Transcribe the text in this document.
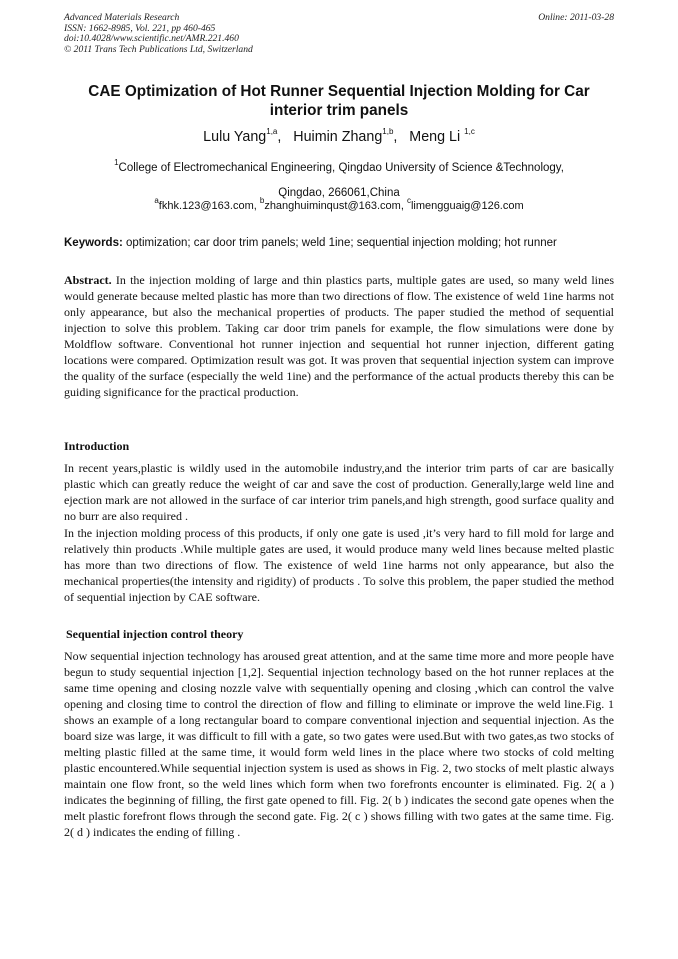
Advanced Materials Research
ISSN: 1662-8985, Vol. 221, pp 460-465
doi:10.4028/www.scientific.net/AMR.221.460
© 2011 Trans Tech Publications Ltd, Switzerland
Online: 2011-03-28
CAE Optimization of Hot Runner Sequential Injection Molding for Car interior trim panels
Lulu Yang$^{1,a}$,   Huimin Zhang$^{1,b}$,   Meng Li $^{1,c}$
$^1$College of Electromechanical Engineering, Qingdao University of Science &Technology,
Qingdao, 266061,China
$^a$fkhk.123@163.com, $^b$zhanghuiminqust@163.com, $^c$limengguaig@126.com
Keywords: optimization; car door trim panels; weld 1ine; sequential injection molding; hot runner

Abstract. In the injection molding of large and thin plastics parts, multiple gates are used, so many weld lines would generate because melted plastic has more than two directions of flow. The existence of weld 1ine harms not only appearance, but also the mechanical properties of products. The paper studied the method of sequential injection to solve this problem. Taking car door trim panels for example, the flow simulations were done by Moldflow software. Conventional hot runner injection and sequential hot runner injection, different gating locations were compared. Optimization result was got. It was proven that sequential injection system can improve the quality of the surface (especially the weld 1ine) and the performance of the actual products thereby this can be guiding significance for the practical production.

Introduction

In recent years,plastic is wildly used in the automobile industry,and the interior trim parts of car are basically plastic which can greatly reduce the weight of car and save the cost of production. Generally,large weld line and ejection mark are not allowed in the surface of car interior trim panels,and high strength, good surface quality and no burr are also required .

In the injection molding process of this products, if only one gate is used ,it’s very hard to fill mold for large and relatively thin products .While multiple gates are used, it would produce many weld lines because melted plastic has more than two directions of flow. The existence of weld 1ine harms not only appearance, but also the mechanical properties(the intensity and rigidity) of products . To solve this problem, the paper studied the method of sequential injection by CAE software.

Sequential injection control theory

Now sequential injection technology has aroused great attention, and at the same time more and more people have begun to study sequential injection [1,2]. Sequential injection technology based on the hot runner replaces at the same time opening and closing nozzle valve with sequentially opening and closing ,which can control the valve opening and closing time to control the direction of flow and filling to eliminate or improve the weld line.Fig. 1 shows an example of a long rectangular board to compare conventional injection and sequential injection. As the board size was large, it was difficult to fill with a gate, so two gates were used.But with two gates,as two stocks of melting plastic filled at the same time, it would form weld lines in the place where two stocks of cold melting plastic encountered.While sequential injection system is used as shows in Fig. 2, two stocks of melt plastic always maintain one flow front, so the weld lines which form when two forefronts encounter is eliminated. Fig. 2( a ) indicates the beginning of filling, the first gate opened to fill. Fig. 2( b ) indicates the second gate openes when the melt plastic forefront flows through the second gate. Fig. 2( c ) shows filling with two gates at the same time. Fig. 2( d ) indicates the ending of filling .
